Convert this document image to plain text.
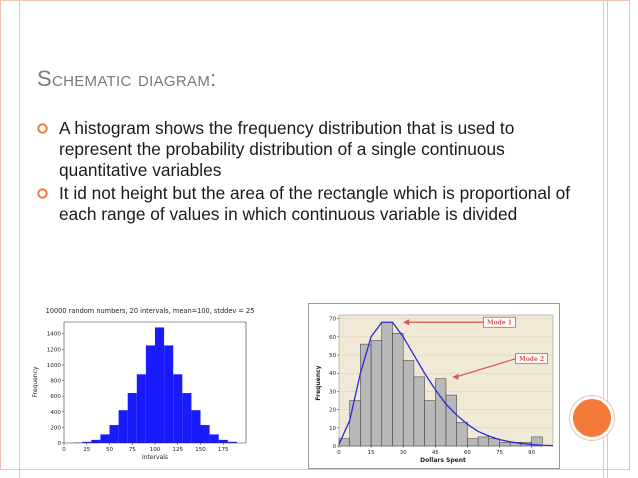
Schematic diagram:
A histogram shows the frequency distribution that is used to represent the probability distribution of a single continuous quantitative variables
It id not height but the area of the rectangle which is proportional of each range of values in which continuous variable is divided
10000 random numbers, 20 intervals, mean=100, stddev = 25
0	25	50	75 100 125 150 175
0
200
400
600
800
1000
1200
1400
Intervals
Frequency
0	15	30	45	60	75	90
0
10
20
30
40
50
60
70	Mode 1
Mode 2
Dollars Spent
Frequency
